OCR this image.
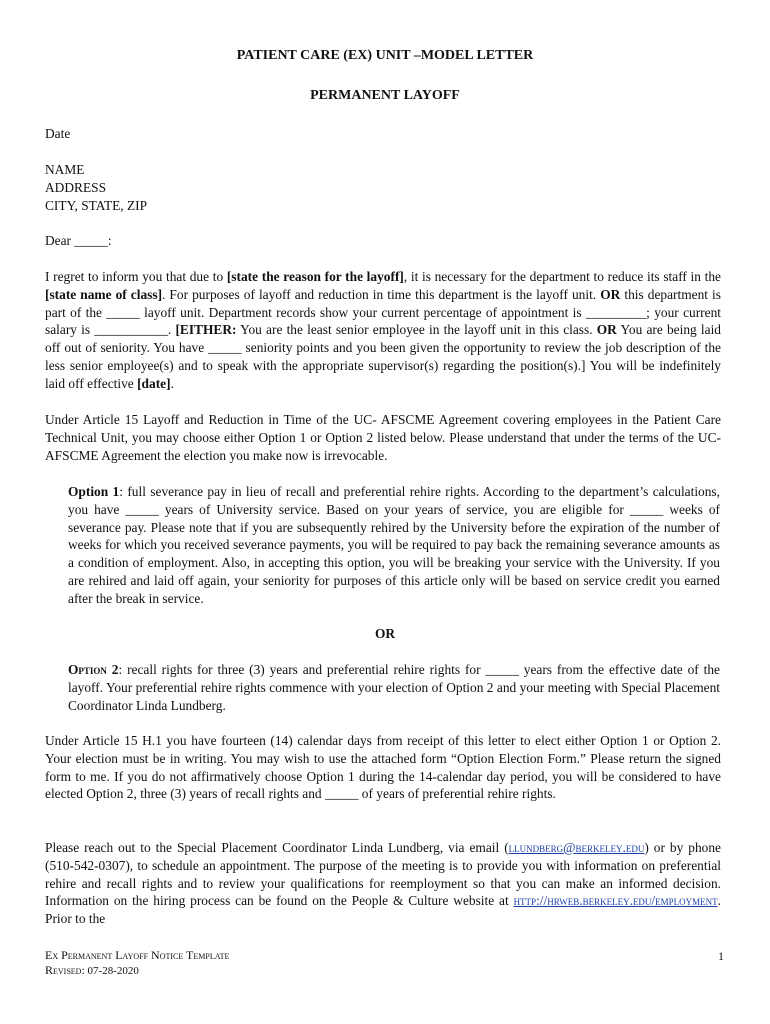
PATIENT CARE (EX) UNIT –MODEL LETTER
PERMANENT LAYOFF
Date
NAME
ADDRESS
CITY, STATE, ZIP
Dear _____:
I regret to inform you that due to [state the reason for the layoff], it is necessary for the department to reduce its staff in the [state name of class]. For purposes of layoff and reduction in time this department is the layoff unit. OR this department is part of the _____ layoff unit. Department records show your current percentage of appointment is _________; your current salary is ___________. [EITHER: You are the least senior employee in the layoff unit in this class. OR You are being laid off out of seniority. You have _____ seniority points and you been given the opportunity to review the job description of the less senior employee(s) and to speak with the appropriate supervisor(s) regarding the position(s).] You will be indefinitely laid off effective [date].
Under Article 15 Layoff and Reduction in Time of the UC- AFSCME Agreement covering employees in the Patient Care Technical Unit, you may choose either Option 1 or Option 2 listed below. Please understand that under the terms of the UC-AFSCME Agreement the election you make now is irrevocable.
Option 1: full severance pay in lieu of recall and preferential rehire rights. According to the department’s calculations, you have _____ years of University service. Based on your years of service, you are eligible for _____ weeks of severance pay. Please note that if you are subsequently rehired by the University before the expiration of the number of weeks for which you received severance payments, you will be required to pay back the remaining severance amounts as a condition of employment. Also, in accepting this option, you will be breaking your service with the University. If you are rehired and laid off again, your seniority for purposes of this article only will be based on service credit you earned after the break in service.
OR
Option 2: recall rights for three (3) years and preferential rehire rights for _____ years from the effective date of the layoff. Your preferential rehire rights commence with your election of Option 2 and your meeting with Special Placement Coordinator Linda Lundberg.
Under Article 15 H.1 you have fourteen (14) calendar days from receipt of this letter to elect either Option 1 or Option 2. Your election must be in writing. You may wish to use the attached form “Option Election Form.” Please return the signed form to me. If you do not affirmatively choose Option 1 during the 14-calendar day period, you will be considered to have elected Option 2, three (3) years of recall rights and _____ of years of preferential rehire rights.
Please reach out to the Special Placement Coordinator Linda Lundberg, via email (llundberg@berkeley.edu) or by phone (510-542-0307), to schedule an appointment. The purpose of the meeting is to provide you with information on preferential rehire and recall rights and to review your qualifications for reemployment so that you can make an informed decision. Information on the hiring process can be found on the People & Culture website at http://hrweb.berkeley.edu/employment. Prior to the
Ex Permanent Layoff Notice Template
Revised: 07-28-2020
1
